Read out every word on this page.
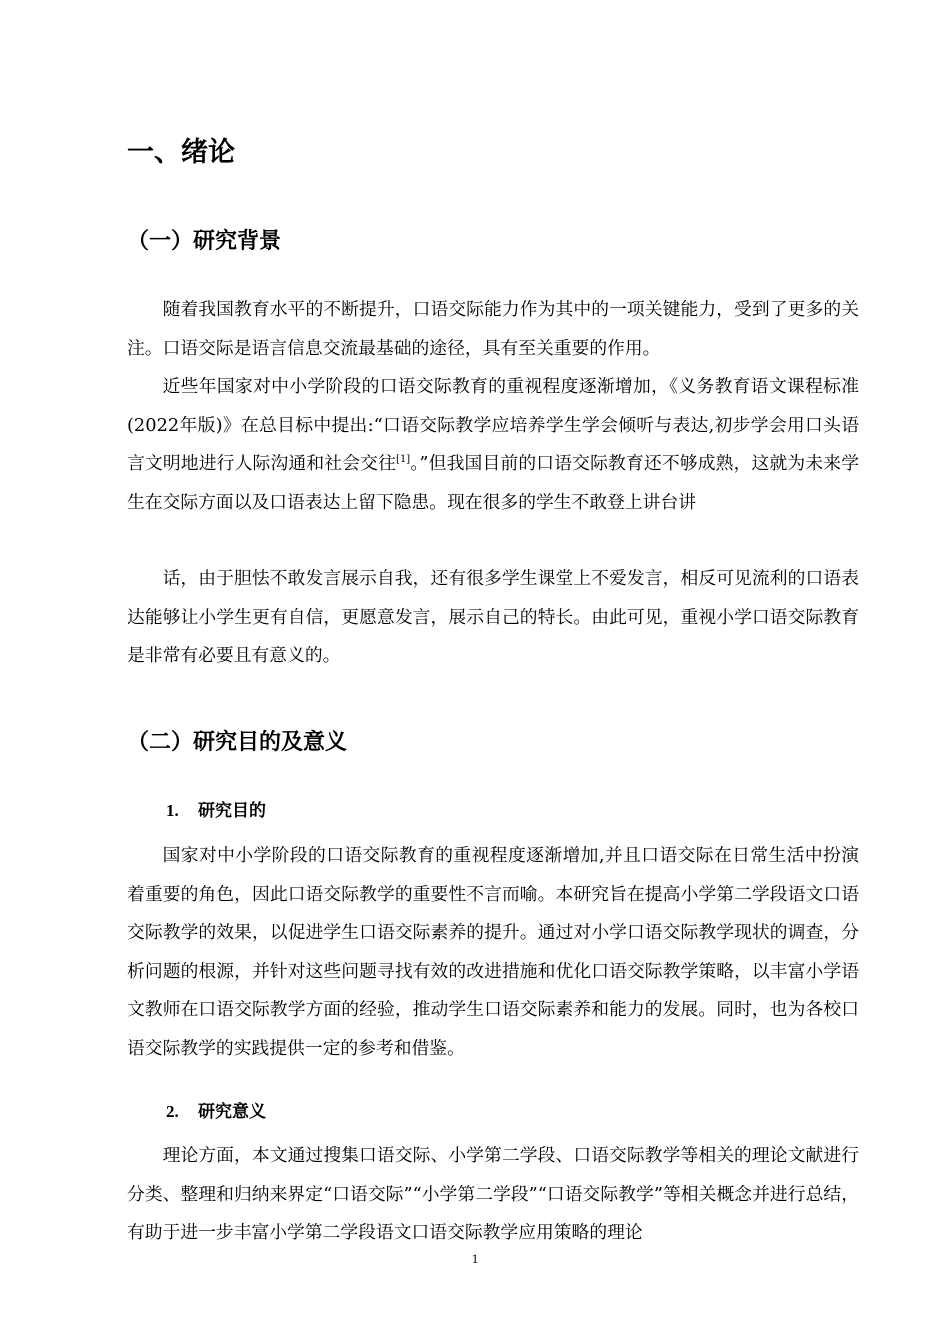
一、绪论
（一）研究背景

随着我国教育水平的不断提升，口语交际能力作为其中的一项关键能力，受到了更多的关注。口语交际是语言信息交流最基础的途径，具有至关重要的作用。

近些年国家对中小学阶段的口语交际教育的重视程度逐渐增加，《义务教育语文课程标准(2022年版)》在总目标中提出:“口语交际教学应培养学生学会倾听与表达,初步学会用口头语言文明地进行人际沟通和社会交往[1]。”但我国目前的口语交际教育还不够成熟，这就为未来学生在交际方面以及口语表达上留下隐患。现在很多的学生不敢登上讲台讲

话，由于胆怯不敢发言展示自我，还有很多学生课堂上不爱发言，相反可见流利的口语表达能够让小学生更有自信，更愿意发言，展示自己的特长。由此可见，重视小学口语交际教育是非常有必要且有意义的。

（二）研究目的及意义
1. 研究目的

国家对中小学阶段的口语交际教育的重视程度逐渐增加,并且口语交际在日常生活中扮演着重要的角色，因此口语交际教学的重要性不言而喻。本研究旨在提高小学第二学段语文口语交际教学的效果，以促进学生口语交际素养的提升。通过对小学口语交际教学现状的调查，分析问题的根源，并针对这些问题寻找有效的改进措施和优化口语交际教学策略，以丰富小学语文教师在口语交际教学方面的经验，推动学生口语交际素养和能力的发展。同时，也为各校口语交际教学的实践提供一定的参考和借鉴。

2. 研究意义

理论方面，本文通过搜集口语交际、小学第二学段、口语交际教学等相关的理论文献进行分类、整理和归纳来界定“口语交际”“小学第二学段”“口语交际教学”等相关概念并进行总结，有助于进一步丰富小学第二学段语文口语交际教学应用策略的理论

1
